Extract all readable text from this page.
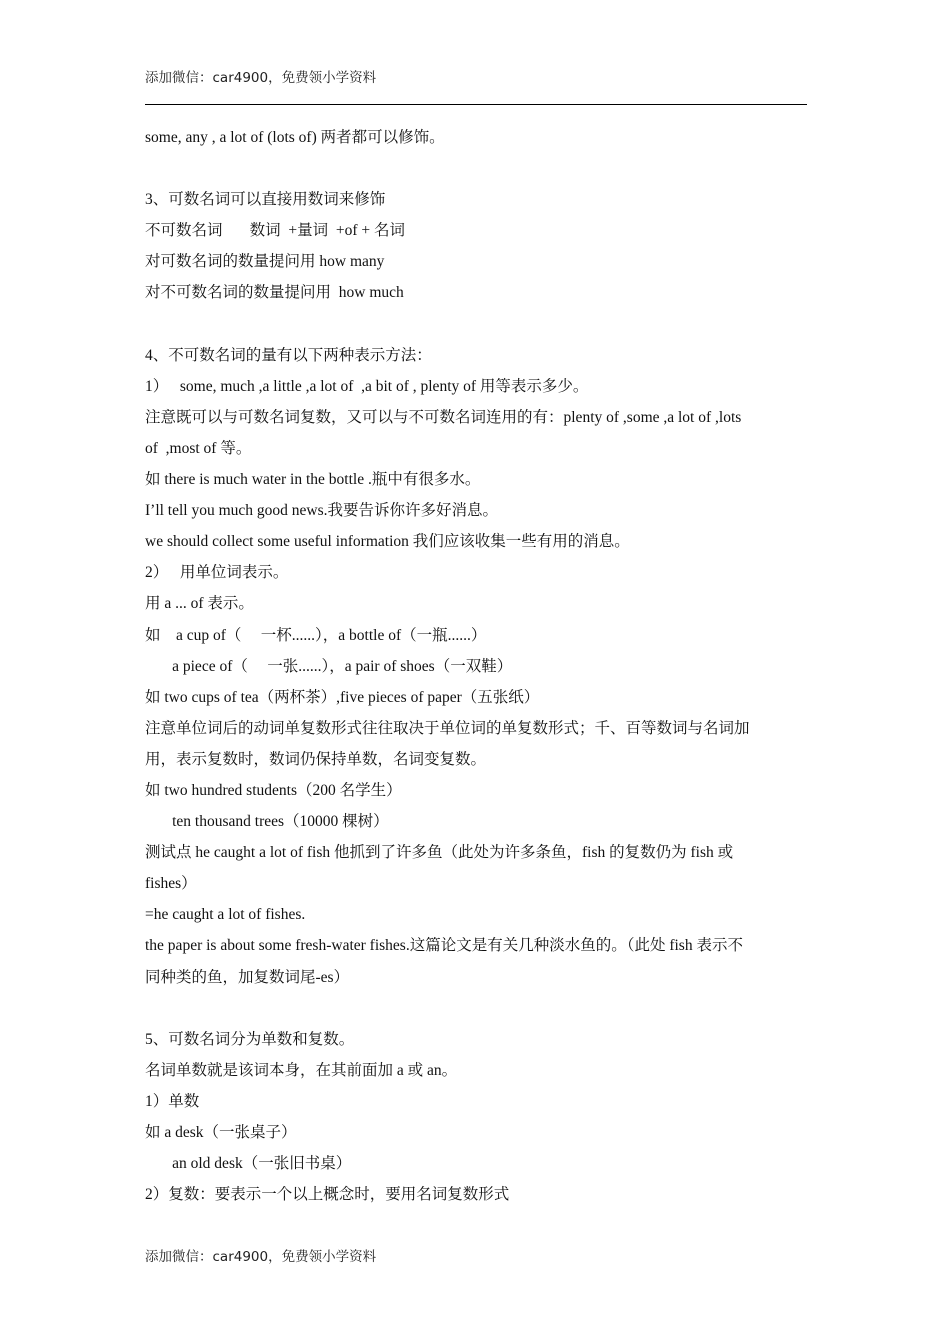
添加微信：car4900，免费领小学资料
some, any , a lot of (lots of) 两者都可以修饰。
3、可数名词可以直接用数词来修饰
不可数名词       数词  +量词  +of + 名词
对可数名词的数量提问用 how many
对不可数名词的数量提问用  how much
4、不可数名词的量有以下两种表示方法：
1）   some, much ,a little ,a lot of  ,a bit of , plenty of 用等表示多少。
注意既可以与可数名词复数，又可以与不可数名词连用的有：plenty of ,some ,a lot of ,lots
of  ,most of 等。
如 there is much water in the bottle .瓶中有很多水。
I’ll tell you much good news.我要告诉你许多好消息。
we should collect some useful information 我们应该收集一些有用的消息。
2）   用单位词表示。
用 a ... of 表示。
如    a cup of（     一杯......），a bottle of（一瓶......）
a piece of（     一张......），a pair of shoes（一双鞋）
如 two cups of tea（两杯茶）,five pieces of paper（五张纸）
注意单位词后的动词单复数形式往往取决于单位词的单复数形式；千、百等数词与名词加
用，表示复数时，数词仍保持单数，名词变复数。
如 two hundred students（200 名学生）
ten thousand trees（10000 棵树）
测试点 he caught a lot of fish 他抓到了许多鱼（此处为许多条鱼，fish 的复数仍为 fish 或
fishes）
=he caught a lot of fishes.
the paper is about some fresh-water fishes.这篇论文是有关几种淡水鱼的。（此处 fish 表示不
同种类的鱼，加复数词尾-es）
5、可数名词分为单数和复数。
名词单数就是该词本身，在其前面加 a 或 an。
1）单数
如 a desk（一张桌子）
an old desk（一张旧书桌）
2）复数：要表示一个以上概念时，要用名词复数形式
添加微信：car4900，免费领小学资料
